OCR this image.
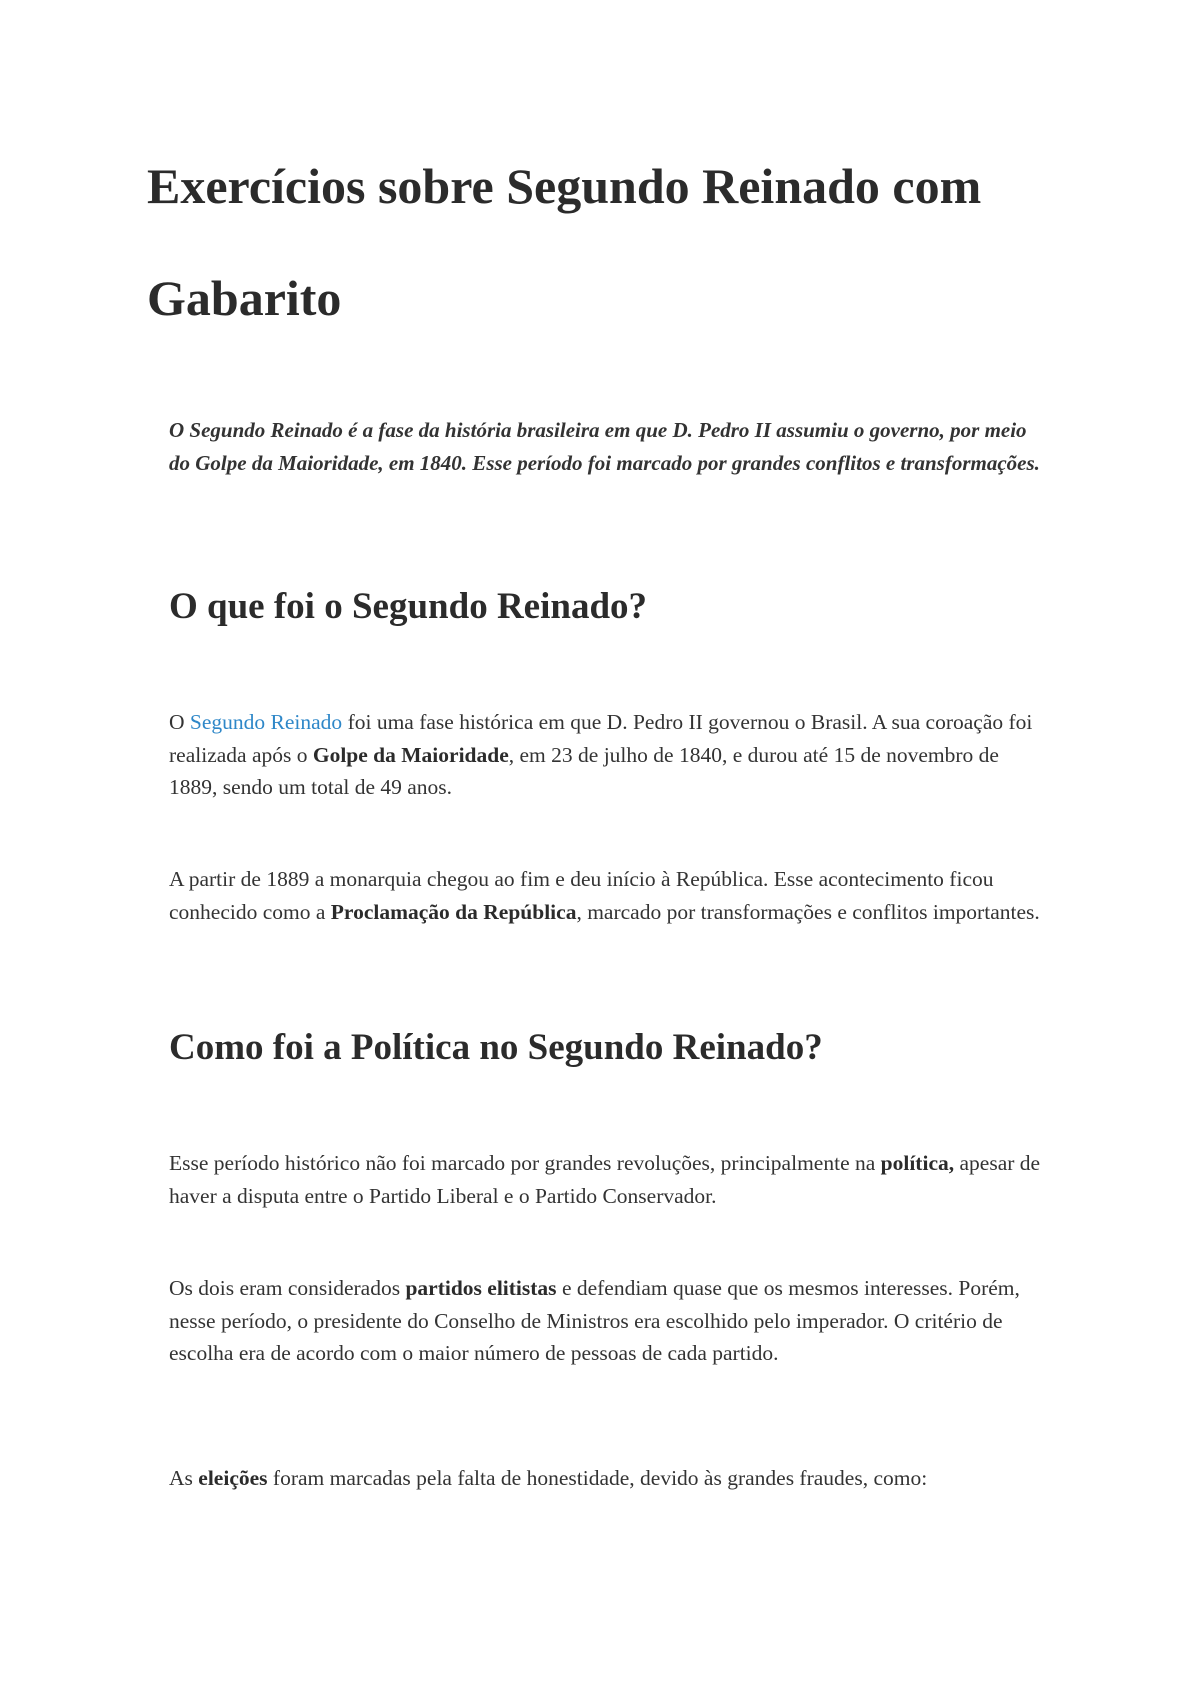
Exercícios sobre Segundo Reinado com Gabarito

O Segundo Reinado é a fase da história brasileira em que D. Pedro II assumiu o governo, por meio do Golpe da Maioridade, em 1840. Esse período foi marcado por grandes conflitos e transformações.

O que foi o Segundo Reinado?

O Segundo Reinado foi uma fase histórica em que D. Pedro II governou o Brasil. A sua coroação foi realizada após o Golpe da Maioridade, em 23 de julho de 1840, e durou até 15 de novembro de 1889, sendo um total de 49 anos.

A partir de 1889 a monarquia chegou ao fim e deu início à República. Esse acontecimento ficou conhecido como a Proclamação da República, marcado por transformações e conflitos importantes.

Como foi a Política no Segundo Reinado?

Esse período histórico não foi marcado por grandes revoluções, principalmente na política, apesar de haver a disputa entre o Partido Liberal e o Partido Conservador.

Os dois eram considerados partidos elitistas e defendiam quase que os mesmos interesses. Porém, nesse período, o presidente do Conselho de Ministros era escolhido pelo imperador. O critério de escolha era de acordo com o maior número de pessoas de cada partido.

As eleições foram marcadas pela falta de honestidade, devido às grandes fraudes, como:
